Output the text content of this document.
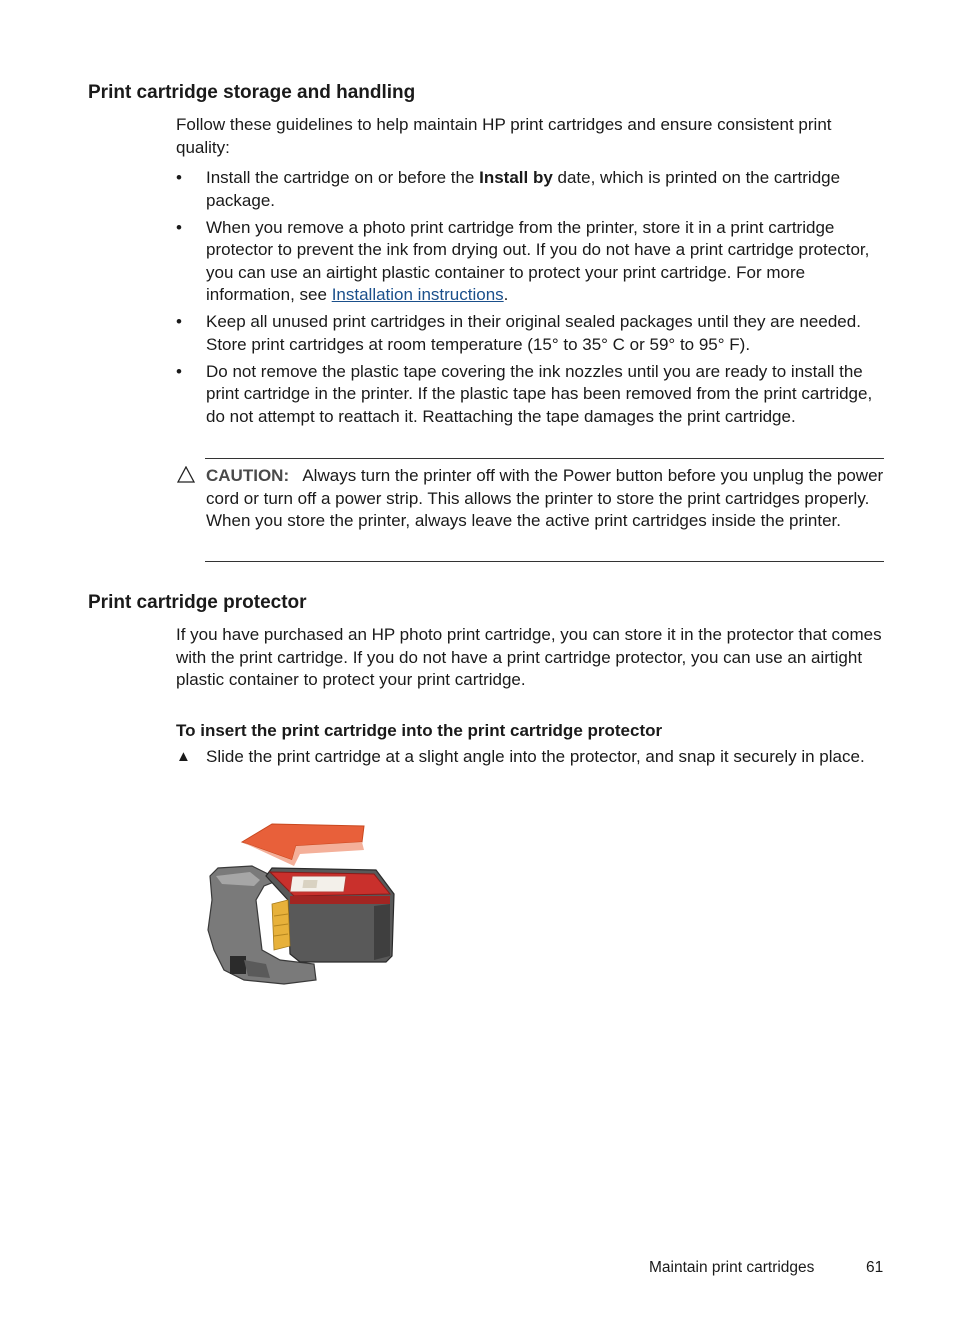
Print cartridge storage and handling

Follow these guidelines to help maintain HP print cartridges and ensure consistent print quality:

• Install the cartridge on or before the Install by date, which is printed on the cartridge package.
• When you remove a photo print cartridge from the printer, store it in a print cartridge protector to prevent the ink from drying out. If you do not have a print cartridge protector, you can use an airtight plastic container to protect your print cartridge. For more information, see Installation instructions.
• Keep all unused print cartridges in their original sealed packages until they are needed. Store print cartridges at room temperature (15° to 35° C or 59° to 95° F).
• Do not remove the plastic tape covering the ink nozzles until you are ready to install the print cartridge in the printer. If the plastic tape has been removed from the print cartridge, do not attempt to reattach it. Reattaching the tape damages the print cartridge.

CAUTION:   Always turn the printer off with the Power button before you unplug the power cord or turn off a power strip. This allows the printer to store the print cartridges properly. When you store the printer, always leave the active print cartridges inside the printer.

Print cartridge protector

If you have purchased an HP photo print cartridge, you can store it in the protector that comes with the print cartridge. If you do not have a print cartridge protector, you can use an airtight plastic container to protect your print cartridge.

To insert the print cartridge into the print cartridge protector
▲ Slide the print cartridge at a slight angle into the protector, and snap it securely in place.

Maintain print cartridges	61
